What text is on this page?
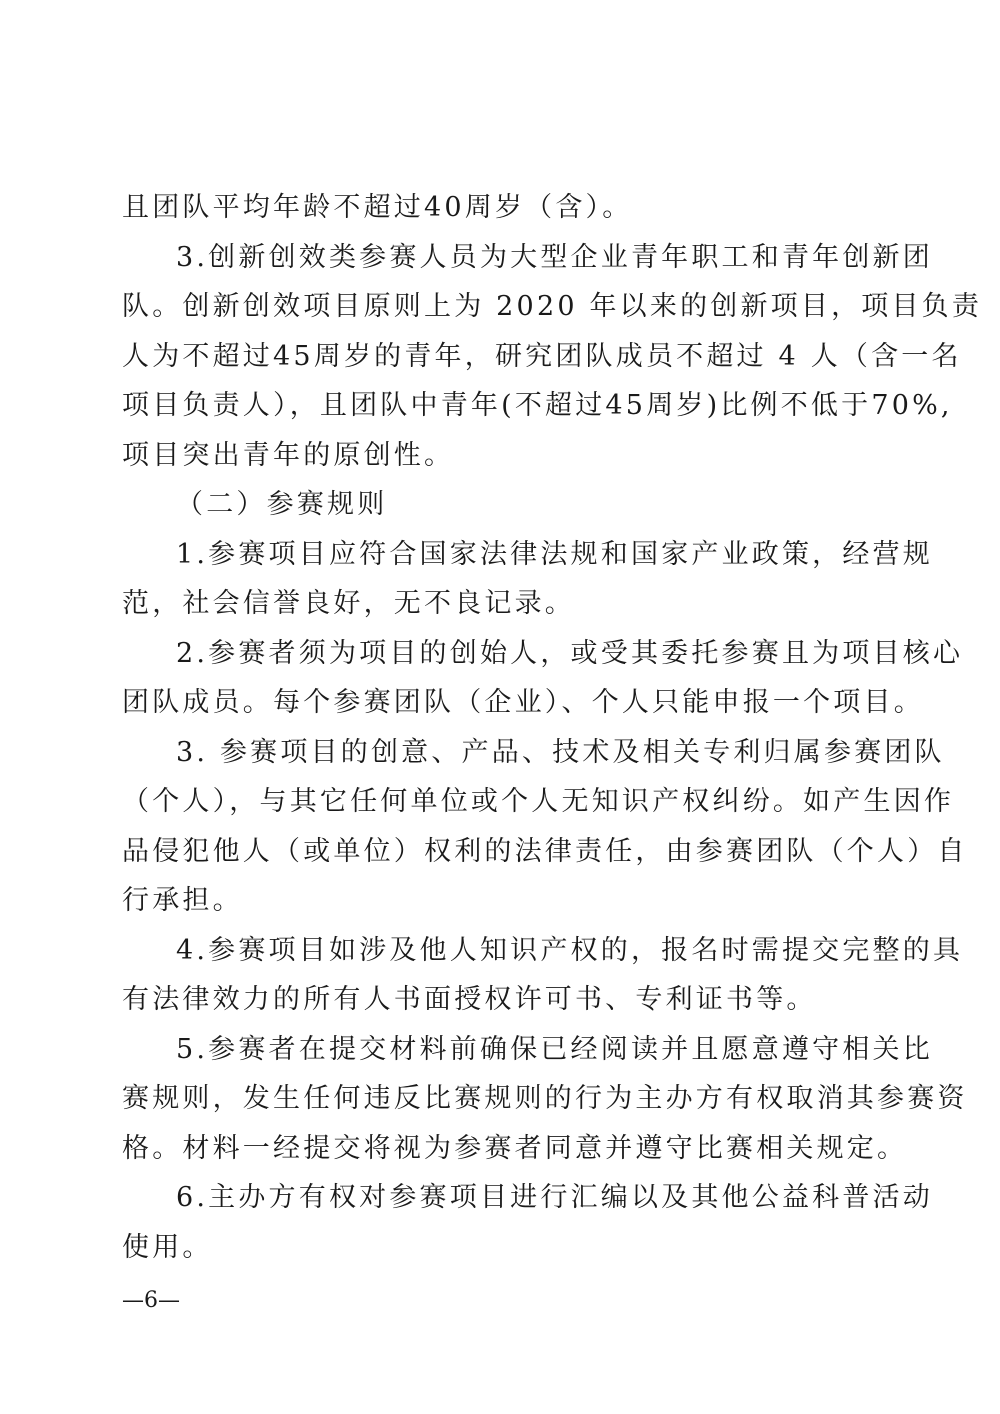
且团队平均年龄不超过40周岁（含）。
3.创新创效类参赛人员为大型企业青年职工和青年创新团
队。创新创效项目原则上为 2020 年以来的创新项目，项目负责
人为不超过45周岁的青年，研究团队成员不超过 4 人（含一名
项目负责人），且团队中青年(不超过45周岁)比例不低于70%,
项目突出青年的原创性。
（二）参赛规则
1.参赛项目应符合国家法律法规和国家产业政策，经营规
范，社会信誉良好，无不良记录。
2.参赛者须为项目的创始人，或受其委托参赛且为项目核心
团队成员。每个参赛团队（企业）、个人只能申报一个项目。
3. 参赛项目的创意、产品、技术及相关专利归属参赛团队
（个人），与其它任何单位或个人无知识产权纠纷。如产生因作
品侵犯他人（或单位）权利的法律责任，由参赛团队（个人）自
行承担。
4.参赛项目如涉及他人知识产权的，报名时需提交完整的具
有法律效力的所有人书面授权许可书、专利证书等。
5.参赛者在提交材料前确保已经阅读并且愿意遵守相关比
赛规则，发生任何违反比赛规则的行为主办方有权取消其参赛资
格。材料一经提交将视为参赛者同意并遵守比赛相关规定。
6.主办方有权对参赛项目进行汇编以及其他公益科普活动
使用。
—6—
